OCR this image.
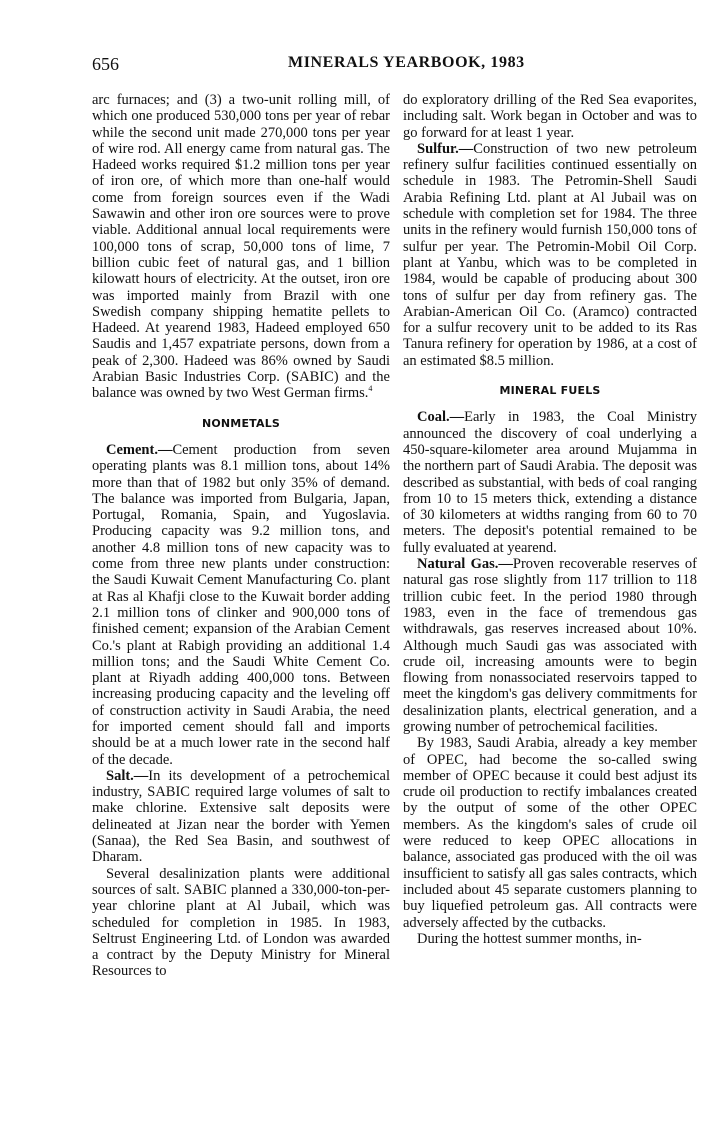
656	MINERALS YEARBOOK, 1983

arc furnaces; and (3) a two-unit rolling mill, of which one produced 530,000 tons per year of rebar while the second unit made 270,000 tons per year of wire rod. All energy came from natural gas. The Hadeed works required $1.2 million tons per year of iron ore, of which more than one-half would come from foreign sources even if the Wadi Sawawin and other iron ore sources were to prove viable. Additional annual local requirements were 100,000 tons of scrap, 50,000 tons of lime, 7 billion cubic feet of natural gas, and 1 billion kilowatt hours of electricity. At the outset, iron ore was imported mainly from Brazil with one Swedish company shipping hematite pellets to Hadeed. At yearend 1983, Hadeed employed 650 Saudis and 1,457 expatriate persons, down from a peak of 2,300. Hadeed was 86% owned by Saudi Arabian Basic Industries Corp. (SABIC) and the balance was owned by two West German firms.$^4$

NONMETALS

Cement.—Cement production from seven operating plants was 8.1 million tons, about 14% more than that of 1982 but only 35% of demand. The balance was imported from Bulgaria, Japan, Portugal, Romania, Spain, and Yugoslavia. Producing capacity was 9.2 million tons, and another 4.8 million tons of new capacity was to come from three new plants under construction: the Saudi Kuwait Cement Manufacturing Co. plant at Ras al Khafji close to the Kuwait border adding 2.1 million tons of clinker and 900,000 tons of finished cement; expansion of the Arabian Cement Co.'s plant at Rabigh providing an additional 1.4 million tons; and the Saudi White Cement Co. plant at Riyadh adding 400,000 tons. Between increasing producing capacity and the leveling off of construction activity in Saudi Arabia, the need for imported cement should fall and imports should be at a much lower rate in the second half of the decade.

Salt.—In its development of a petrochemical industry, SABIC required large volumes of salt to make chlorine. Extensive salt deposits were delineated at Jizan near the border with Yemen (Sanaa), the Red Sea Basin, and southwest of Dharam.

Several desalinization plants were additional sources of salt. SABIC planned a 330,000-ton-per-year chlorine plant at Al Jubail, which was scheduled for completion in 1985. In 1983, Seltrust Engineering Ltd. of London was awarded a contract by the Deputy Ministry for Mineral Resources to

do exploratory drilling of the Red Sea evaporites, including salt. Work began in October and was to go forward for at least 1 year.

Sulfur.—Construction of two new petroleum refinery sulfur facilities continued essentially on schedule in 1983. The Petromin-Shell Saudi Arabia Refining Ltd. plant at Al Jubail was on schedule with completion set for 1984. The three units in the refinery would furnish 150,000 tons of sulfur per year. The Petromin-Mobil Oil Corp. plant at Yanbu, which was to be completed in 1984, would be capable of producing about 300 tons of sulfur per day from refinery gas. The Arabian-American Oil Co. (Aramco) contracted for a sulfur recovery unit to be added to its Ras Tanura refinery for operation by 1986, at a cost of an estimated $8.5 million.

MINERAL FUELS

Coal.—Early in 1983, the Coal Ministry announced the discovery of coal underlying a 450-square-kilometer area around Mujamma in the northern part of Saudi Arabia. The deposit was described as substantial, with beds of coal ranging from 10 to 15 meters thick, extending a distance of 30 kilometers at widths ranging from 60 to 70 meters. The deposit's potential remained to be fully evaluated at yearend.

Natural Gas.—Proven recoverable reserves of natural gas rose slightly from 117 trillion to 118 trillion cubic feet. In the period 1980 through 1983, even in the face of tremendous gas withdrawals, gas reserves increased about 10%. Although much Saudi gas was associated with crude oil, increasing amounts were to begin flowing from nonassociated reservoirs tapped to meet the kingdom's gas delivery commitments for desalinization plants, electrical generation, and a growing number of petrochemical facilities.

By 1983, Saudi Arabia, already a key member of OPEC, had become the so-called swing member of OPEC because it could best adjust its crude oil production to rectify imbalances created by the output of some of the other OPEC members. As the kingdom's sales of crude oil were reduced to keep OPEC allocations in balance, associated gas produced with the oil was insufficient to satisfy all gas sales contracts, which included about 45 separate customers planning to buy liquefied petroleum gas. All contracts were adversely affected by the cutbacks.

During the hottest summer months, in-
